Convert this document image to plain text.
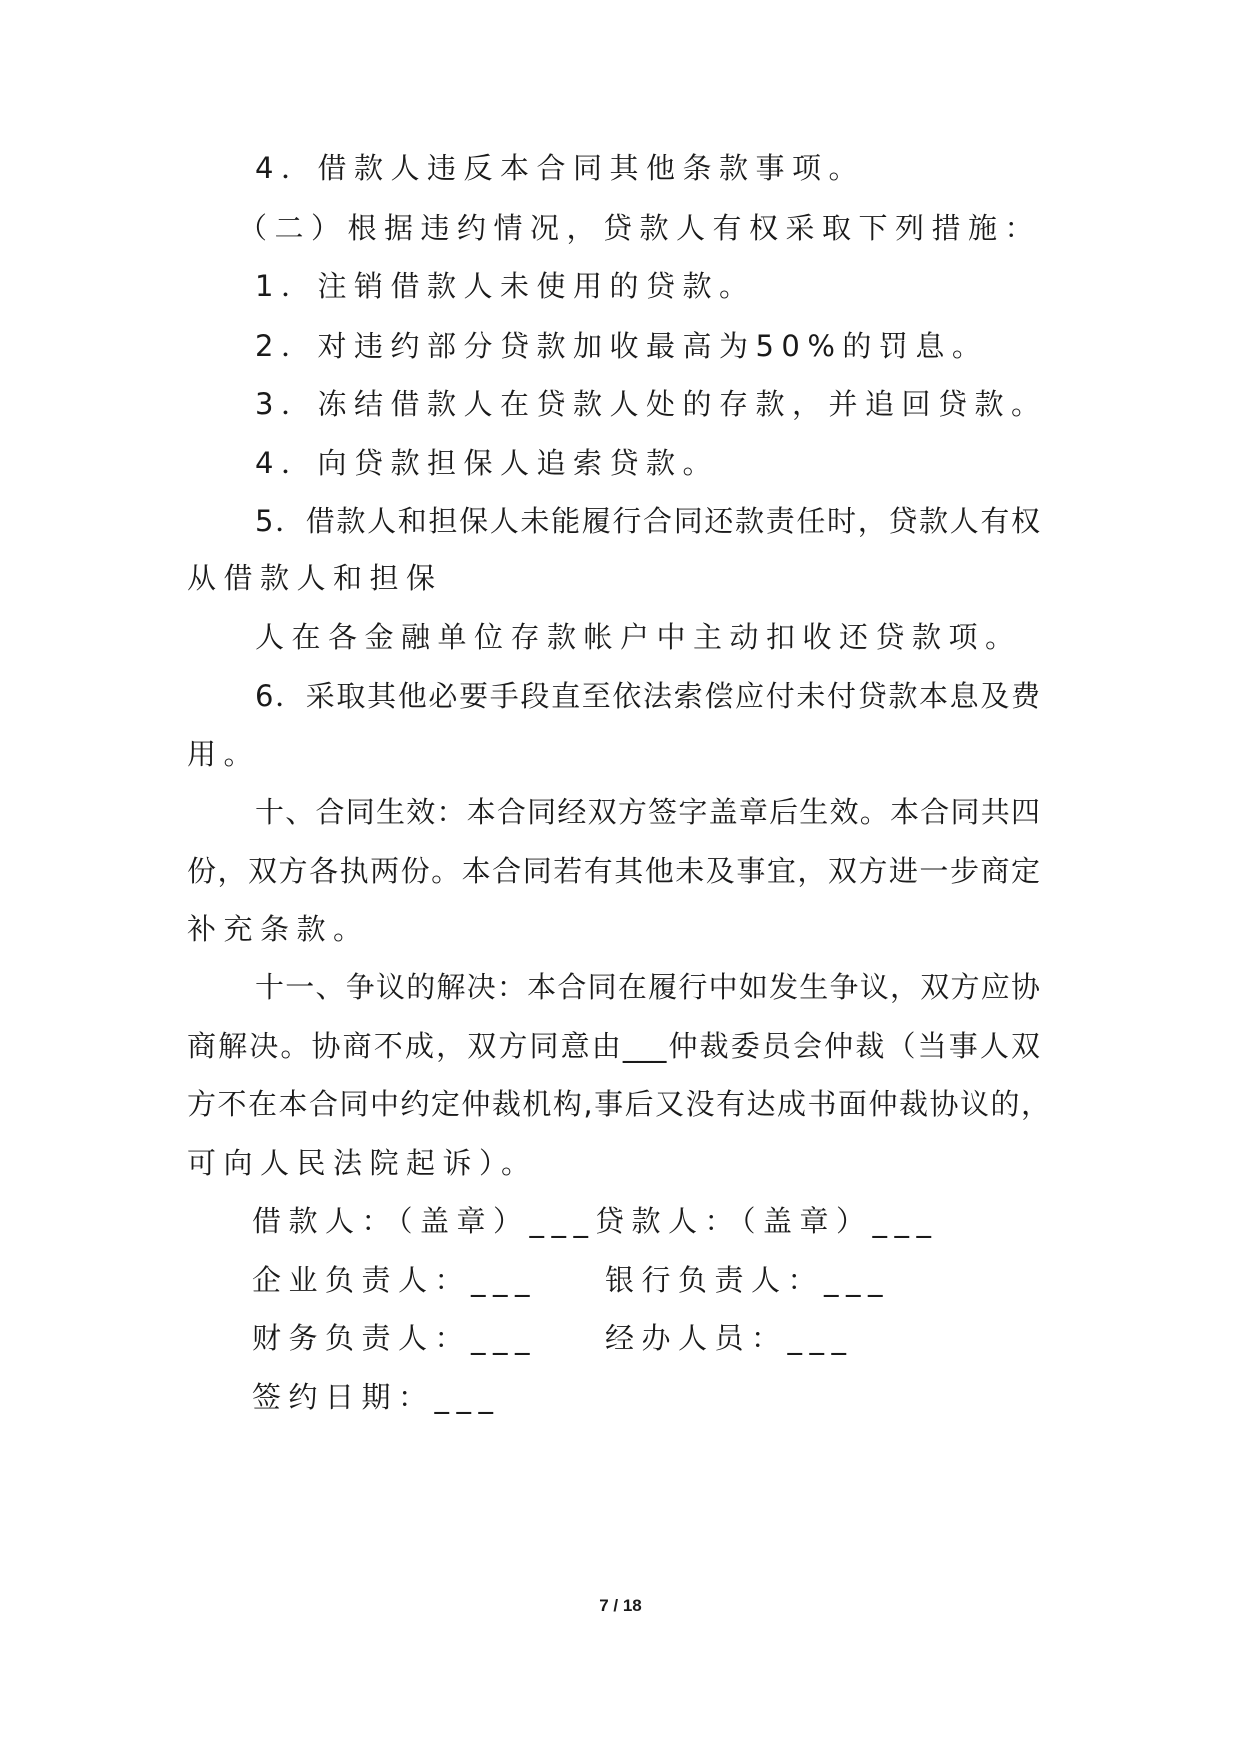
4．借款人违反本合同其他条款事项。
（二）根据违约情况，贷款人有权采取下列措施：
1．注销借款人未使用的贷款。
2．对违约部分贷款加收最高为50%的罚息。
3．冻结借款人在贷款人处的存款，并追回贷款。
4．向贷款担保人追索贷款。
5．借款人和担保人未能履行合同还款责任时，贷款人有权
从借款人和担保
人在各金融单位存款帐户中主动扣收还贷款项。
6．采取其他必要手段直至依法索偿应付未付贷款本息及费
用。
十、合同生效：本合同经双方签字盖章后生效。本合同共四
份，双方各执两份。本合同若有其他未及事宜，双方进一步商定
补充条款。
十一、争议的解决：本合同在履行中如发生争议，双方应协
商解决。协商不成，双方同意由___仲裁委员会仲裁（当事人双
方不在本合同中约定仲裁机构,事后又没有达成书面仲裁协议的，
可向人民法院起诉）。
借款人：（盖章）___ 贷款人：（盖章）___
企业负责人：___ 银行负责人：___
财务负责人：___ 经办人员：___
签约日期：___
7 / 18
